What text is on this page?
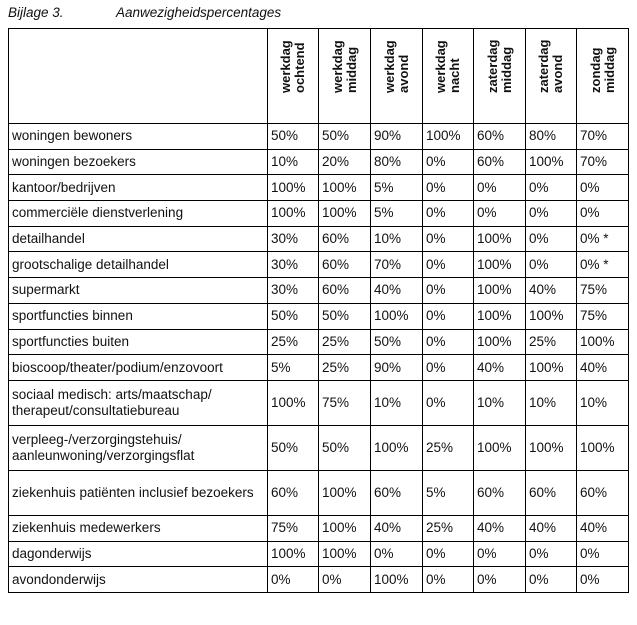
Bijlage 3.	Aanwezigheidspercentages

	werkdag ochtend	werkdag middag	werkdag avond	werkdag nacht	zaterdag middag	zaterdag avond	zondag middag

woningen bewoners	50%	50%	90%	100%	60%	80%	70%
woningen bezoekers	10%	20%	80%	0%	60%	100%	70%
kantoor/bedrijven	100%	100%	5%	0%	0%	0%	0%
commerciële dienstverlening	100%	100%	5%	0%	0%	0%	0%
detailhandel	30%	60%	10%	0%	100%	0%	0% *
grootschalige detailhandel	30%	60%	70%	0%	100%	0%	0% *
supermarkt	30%	60%	40%	0%	100%	40%	75%
sportfuncties binnen	50%	50%	100%	0%	100%	100%	75%
sportfuncties buiten	25%	25%	50%	0%	100%	25%	100%
bioscoop/theater/podium/enzovoort	5%	25%	90%	0%	40%	100%	40%
sociaal medisch: arts/maatschap/ therapeut/consultatiebureau	100%	75%	10%	0%	10%	10%	10%
verpleeg-/verzorgingstehuis/ aanleunwoning/verzorgingsflat	50%	50%	100%	25%	100%	100%	100%
ziekenhuis patiënten inclusief bezoekers	60%	100%	60%	5%	60%	60%	60%
ziekenhuis medewerkers	75%	100%	40%	25%	40%	40%	40%
dagonderwijs	100%	100%	0%	0%	0%	0%	0%
avondonderwijs	0%	0%	100%	0%	0%	0%	0%
